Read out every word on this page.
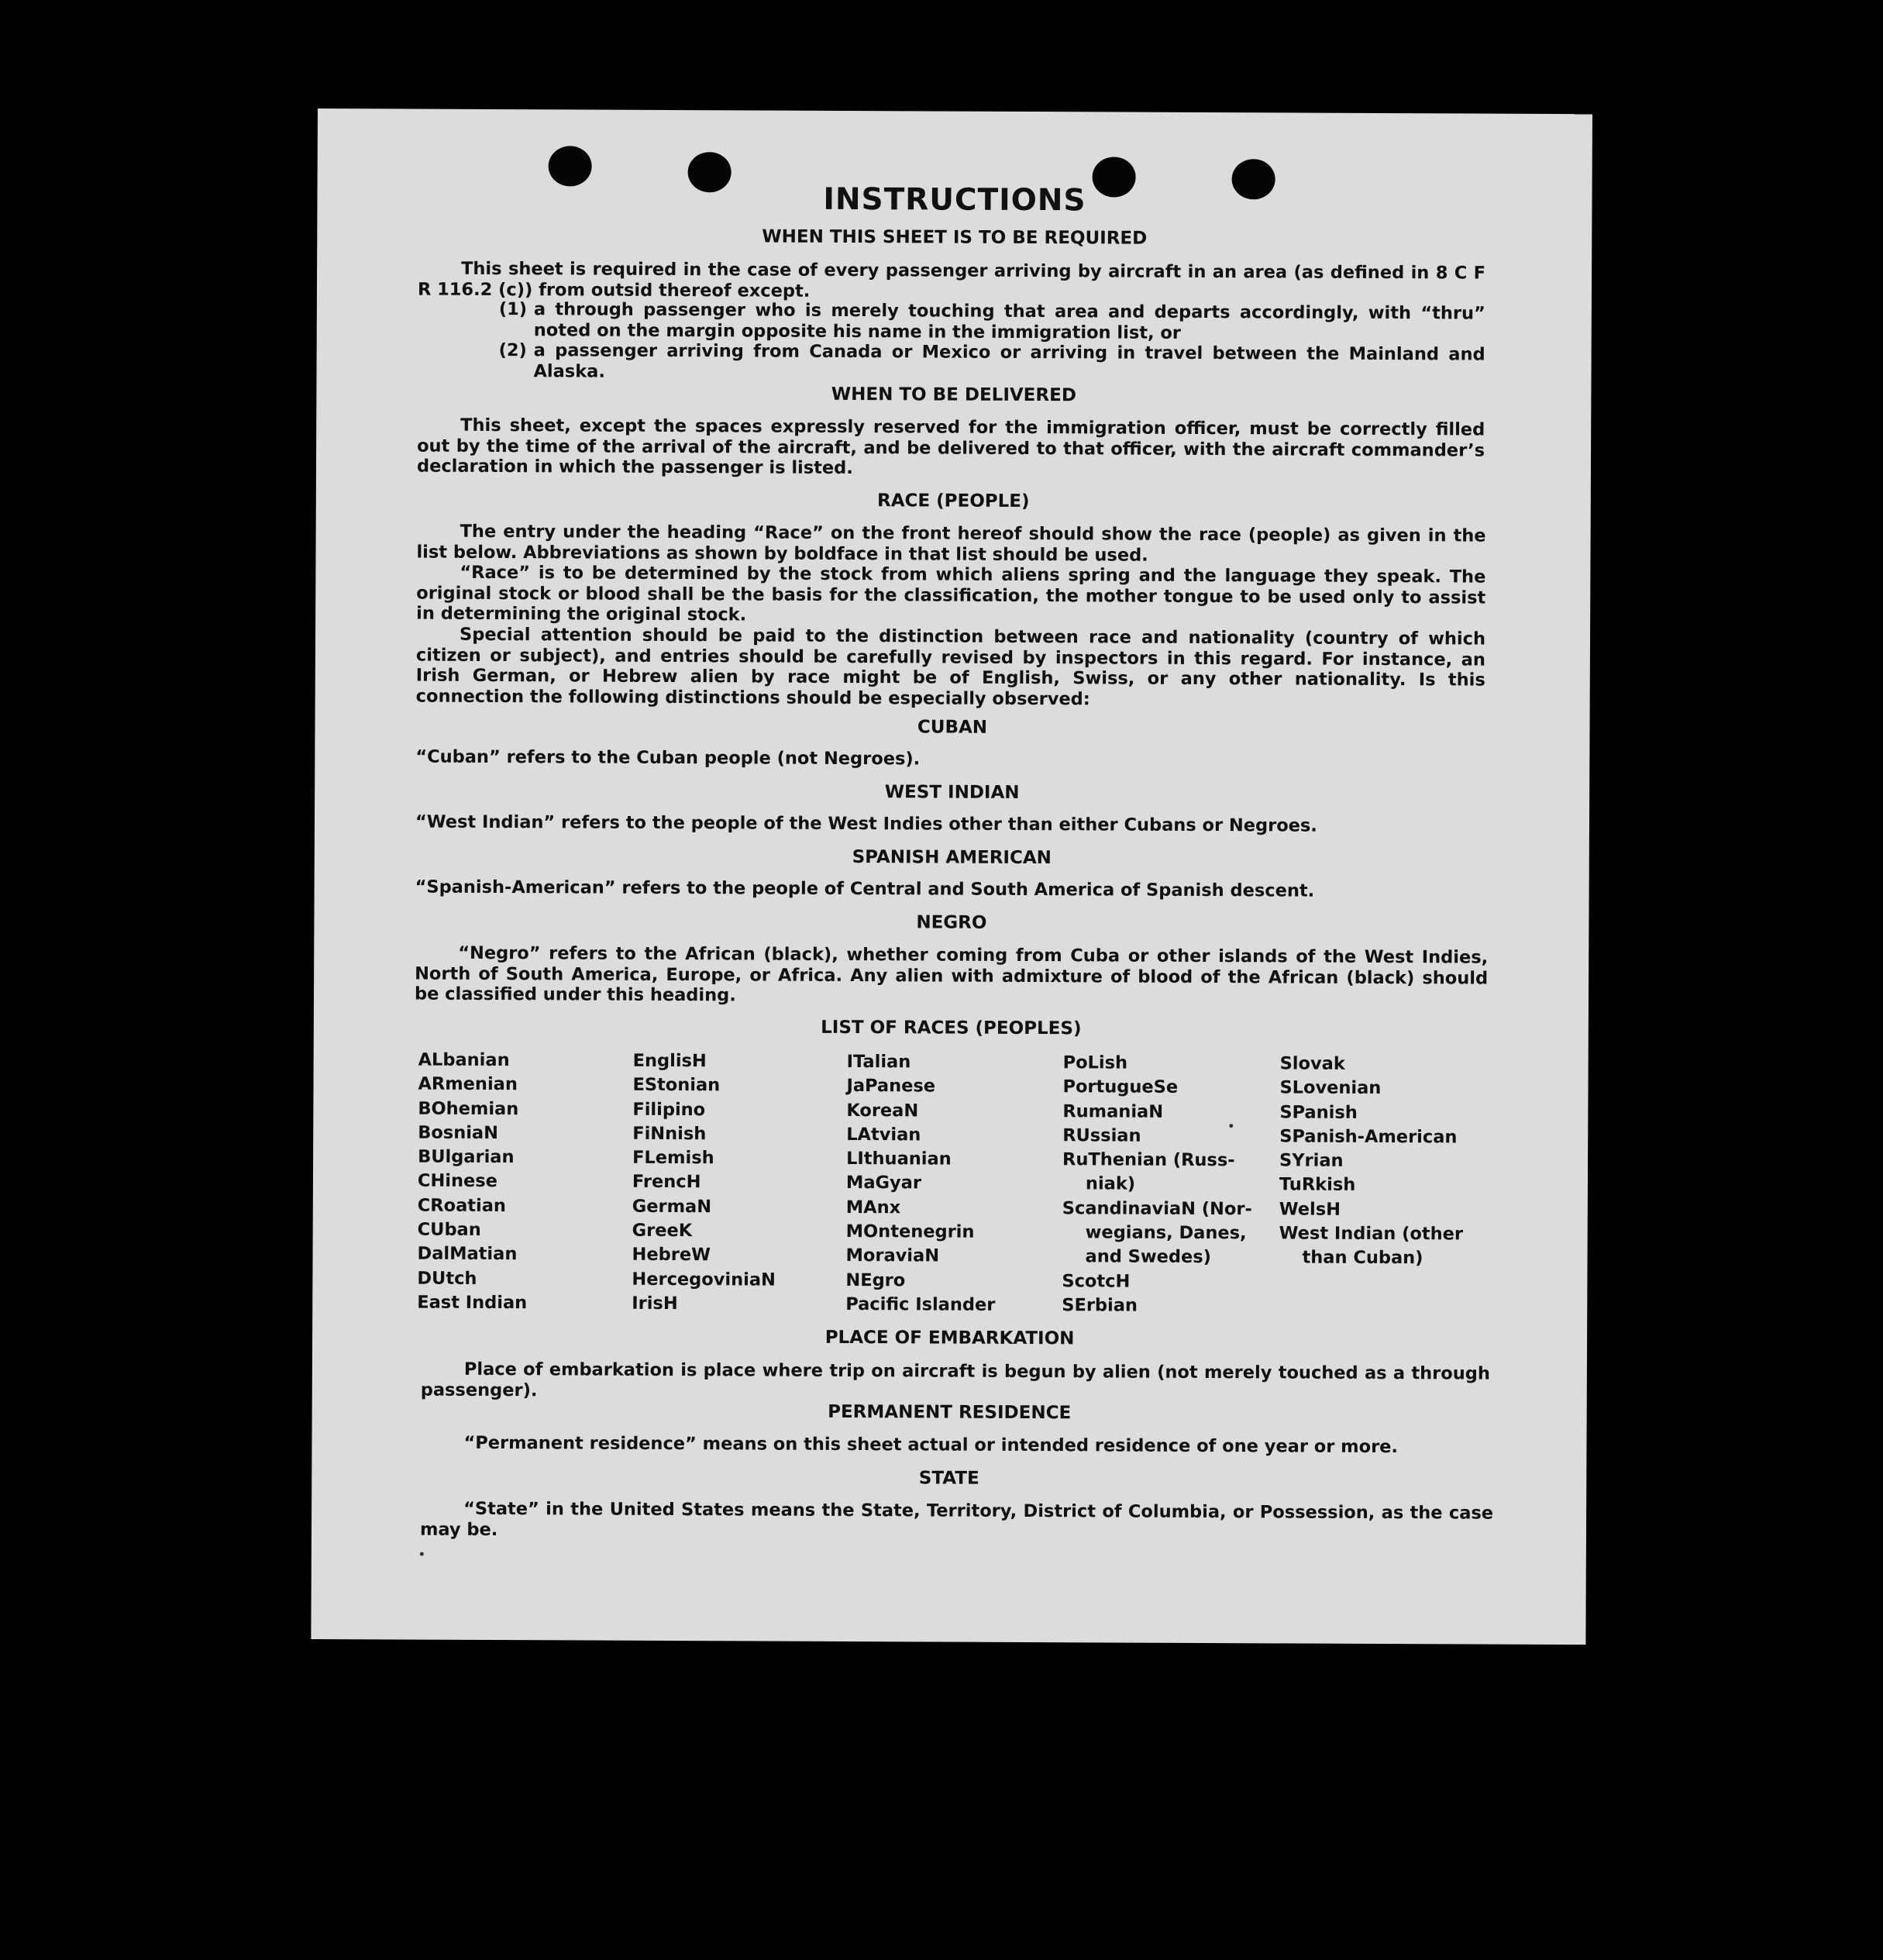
INSTRUCTIONS
WHEN THIS SHEET IS TO BE REQUIRED
This sheet is required in the case of every passenger arriving by aircraft in an area (as defined in 8 C F R 116.2 (c)) from outsid thereof except.
(1) a through passenger who is merely touching that area and departs accordingly, with “thru” noted on the margin opposite his name in the immigration list, or
(2) a passenger arriving from Canada or Mexico or arriving in travel between the Mainland and Alaska.
WHEN TO BE DELIVERED
This sheet, except the spaces expressly reserved for the immigration officer, must be correctly filled out by the time of the arrival of the aircraft, and be delivered to that officer, with the aircraft commander’s declaration in which the passenger is listed.
RACE (PEOPLE)
The entry under the heading “Race” on the front hereof should show the race (people) as given in the list below. Abbreviations as shown by boldface in that list should be used.
“Race” is to be determined by the stock from which aliens spring and the language they speak. The original stock or blood shall be the basis for the classification, the mother tongue to be used only to assist in determining the original stock.
Special attention should be paid to the distinction between race and nationality (country of which citizen or subject), and entries should be carefully revised by inspectors in this regard. For instance, an Irish German, or Hebrew alien by race might be of English, Swiss, or any other nationality. Is this connection the following distinctions should be especially observed:
CUBAN
“Cuban” refers to the Cuban people (not Negroes).
WEST INDIAN
“West Indian” refers to the people of the West Indies other than either Cubans or Negroes.
SPANISH AMERICAN
“Spanish-American” refers to the people of Central and South America of Spanish descent.
NEGRO
“Negro” refers to the African (black), whether coming from Cuba or other islands of the West Indies, North of South America, Europe, or Africa. Any alien with admixture of blood of the African (black) should be classified under this heading.
LIST OF RACES (PEOPLES)
ALbanian
ARmenian
BOhemian
BosniaN
BUlgarian
CHinese
CRoatian
CUban
DalMatian
DUtch
East Indian
EnglisH
EStonian
Filipino
FiNnish
FLemish
FrencH
GermaN
GreeK
HebreW
HercegoviniaN
IrisH
ITalian
JaPanese
KoreaN
LAtvian
LIthuanian
MaGyar
MAnx
MOntenegrin
MoraviaN
NEgro
Pacific Islander
PoLish
PortugueSe
RumaniaN
RUssian
RuThenian (Russ-
niak)
ScandinaviaN (Nor-
wegians, Danes,
and Swedes)
ScotcH
SErbian
Slovak
SLovenian
SPanish
SPanish-American
SYrian
TuRkish
WelsH
West Indian (other
than Cuban)
PLACE OF EMBARKATION
Place of embarkation is place where trip on aircraft is begun by alien (not merely touched as a through passenger).
PERMANENT RESIDENCE
“Permanent residence” means on this sheet actual or intended residence of one year or more.
STATE
“State” in the United States means the State, Territory, District of Columbia, or Possession, as the case may be.
